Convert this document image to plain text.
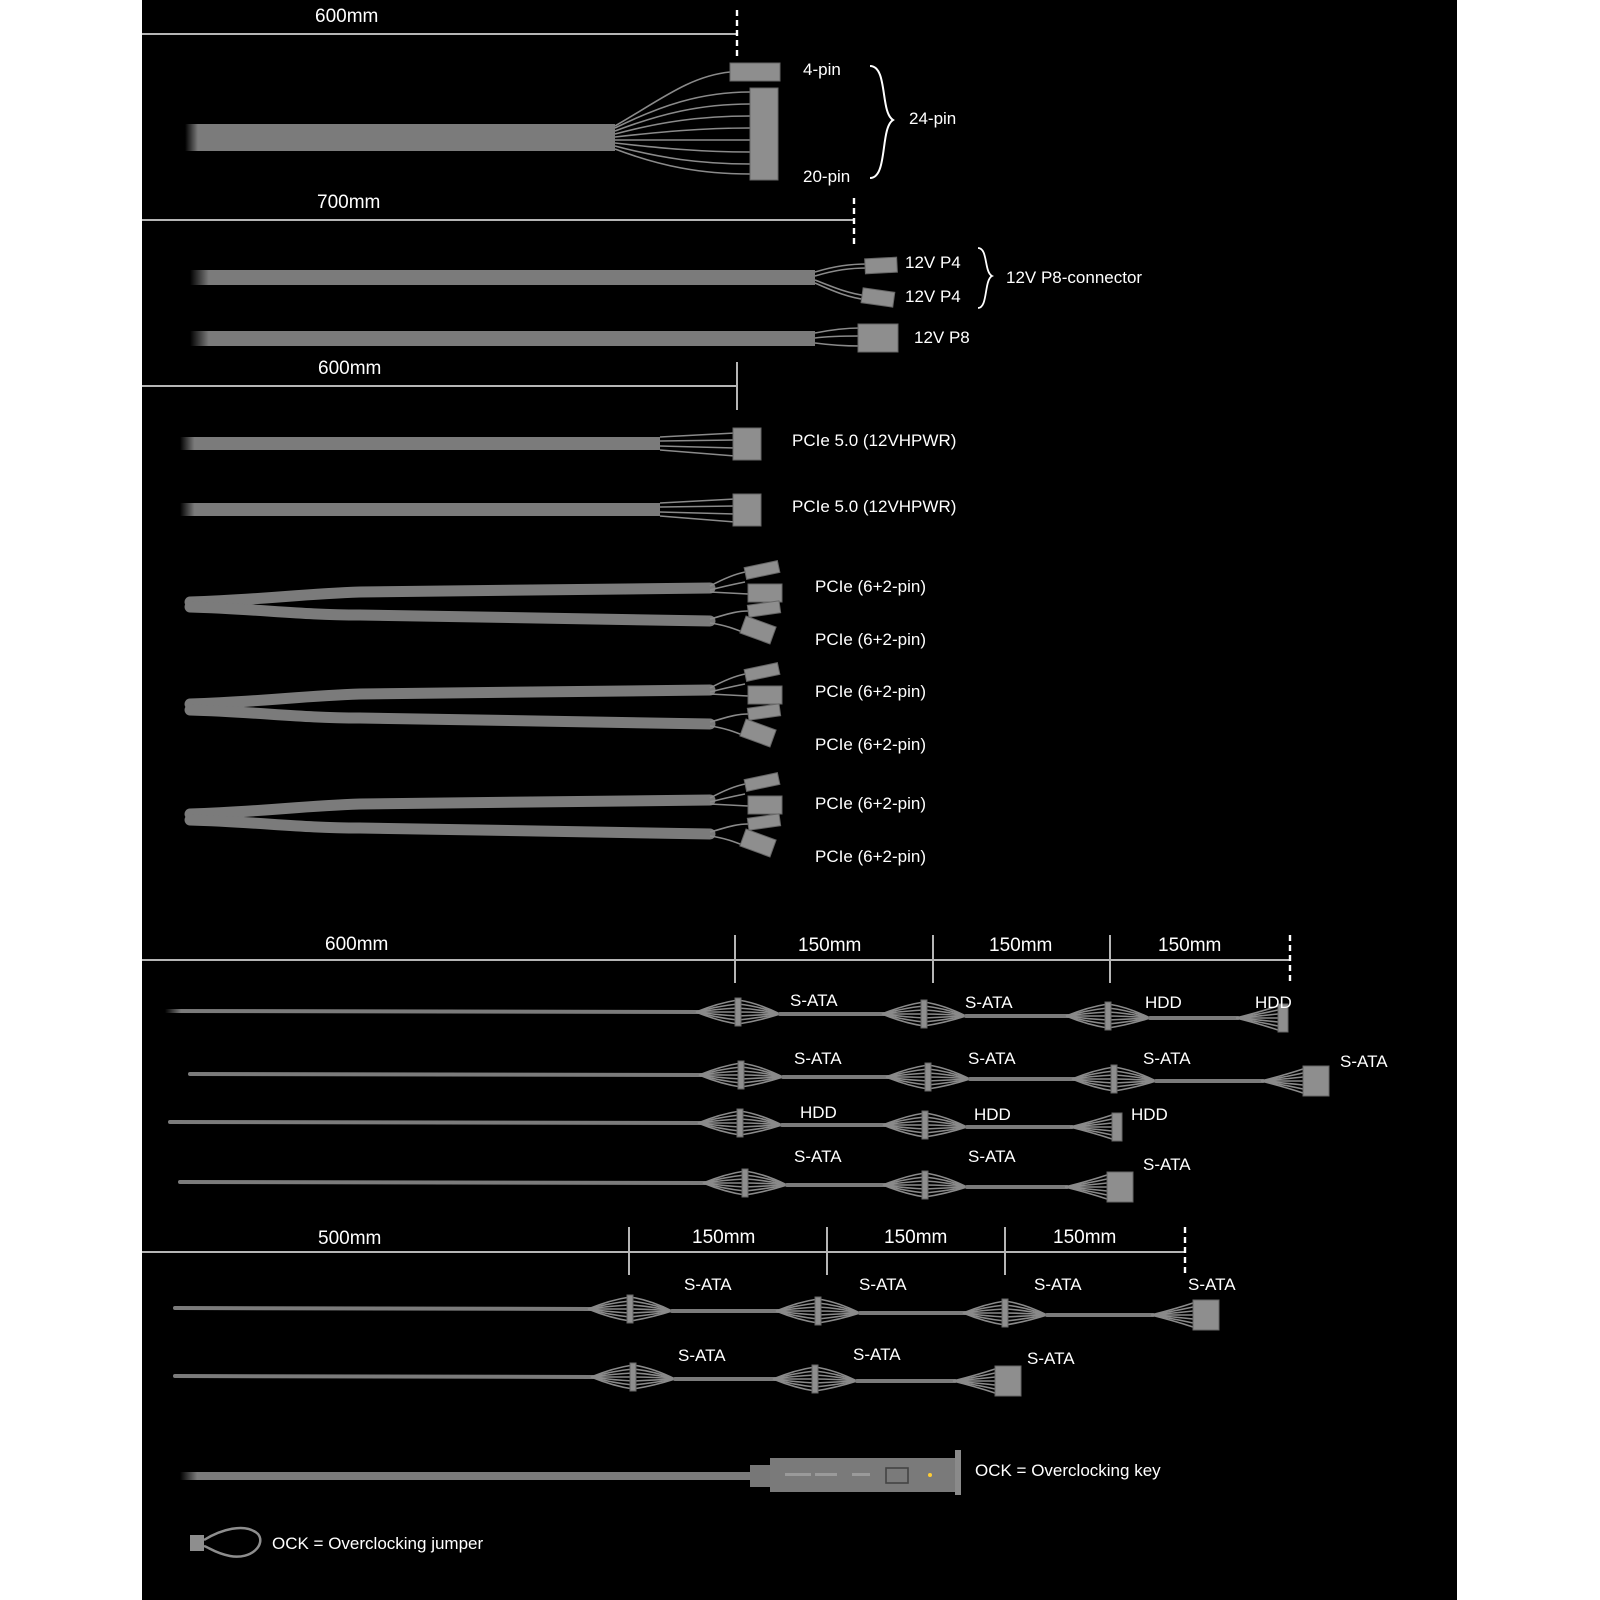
600mm
4-pin
20-pin
24-pin
700mm
12V P4
12V P4
12V P8-connector
12V P8
600mm
PCIe 5.0 (12VHPWR)
PCIe 5.0 (12VHPWR)
PCIe (6+2-pin)
PCIe (6+2-pin)
PCIe (6+2-pin)
PCIe (6+2-pin)
PCIe (6+2-pin)
PCIe (6+2-pin)
600mm	150mm	150mm	150mm
S-ATA	S-ATA	HDD	HDD
S-ATA	S-ATA	S-ATA	S-ATA
HDD	HDD	HDD
S-ATA	S-ATA	S-ATA
500mm	150mm	150mm	150mm
S-ATA	S-ATA	S-ATA	S-ATA
S-ATA	S-ATA	S-ATA
OCK = Overclocking key
OCK = Overclocking jumper
